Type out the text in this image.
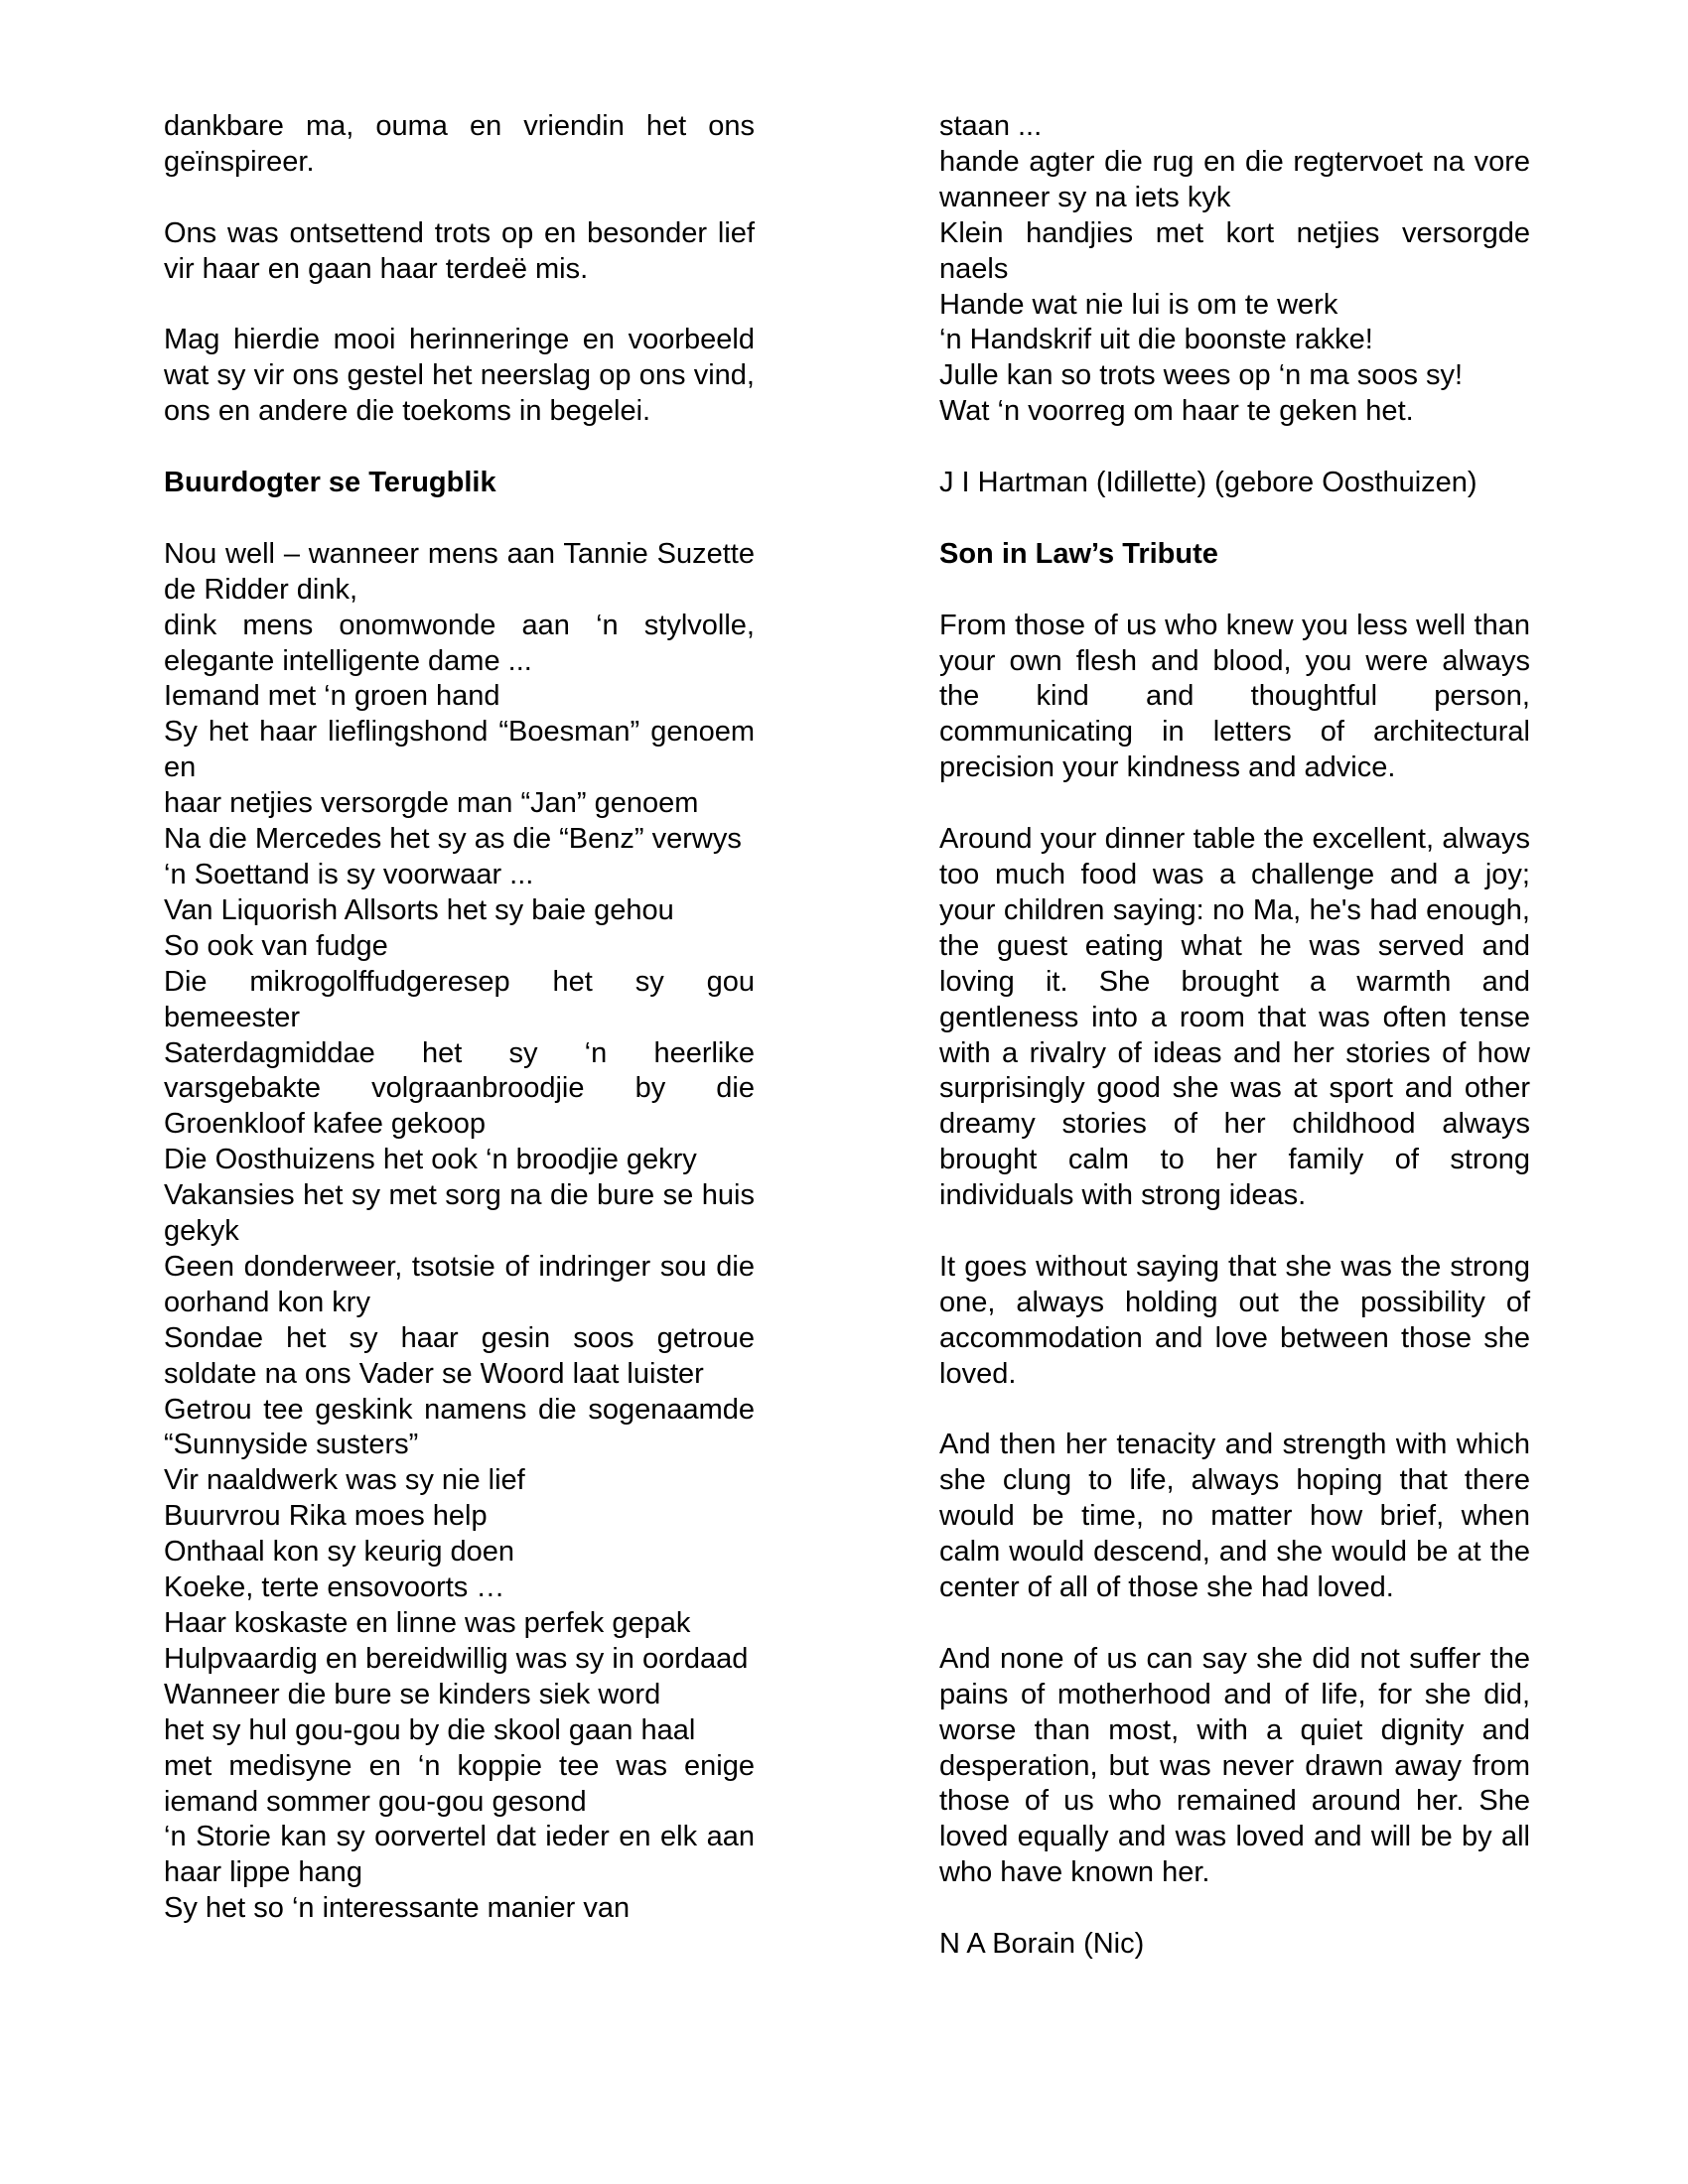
dankbare ma, ouma en vriendin het ons geïnspireer.
Ons was ontsettend trots op en besonder lief vir haar en gaan haar terdeë mis.
Mag hierdie mooi herinneringe en voorbeeld wat sy vir ons gestel het neerslag op ons vind, ons en andere die toekoms in begelei.
Buurdogter se Terugblik
Nou well – wanneer mens aan Tannie Suzette de Ridder dink,
dink mens onomwonde aan ‘n stylvolle, elegante intelligente dame ...
Iemand met ‘n groen hand
Sy het haar lieflingshond “Boesman” genoem en
haar netjies versorgde man “Jan” genoem
Na die Mercedes het sy as die “Benz” verwys
‘n Soettand is sy voorwaar ...
Van Liquorish Allsorts het sy baie gehou
So ook van fudge
Die mikrogolffudgeresep het sy gou bemeester
Saterdagmiddae het sy ‘n heerlike varsgebakte volgraanbroodjie by die Groenkloof kafee gekoop
Die Oosthuizens het ook ‘n broodjie gekry
Vakansies het sy met sorg na die bure se huis gekyk
Geen donderweer, tsotsie of indringer sou die oorhand kon kry
Sondae het sy haar gesin soos getroue soldate na ons Vader se Woord laat luister
Getrou tee geskink namens die sogenaamde “Sunnyside susters”
Vir naaldwerk was sy nie lief
Buurvrou Rika moes help
Onthaal kon sy keurig doen
Koeke, terte ensovoorts …
Haar koskaste en linne was perfek gepak
Hulpvaardig en bereidwillig was sy in oordaad
Wanneer die bure se kinders siek word
het sy hul gou-gou by die skool gaan haal
met medisyne en ‘n koppie tee was enige iemand sommer gou-gou gesond
‘n Storie kan sy oorvertel dat ieder en elk aan haar lippe hang
Sy het so ‘n interessante manier van
staan ...
hande agter die rug en die regtervoet na vore wanneer sy na iets kyk
Klein handjies met kort netjies versorgde naels
Hande wat nie lui is om te werk
‘n Handskrif uit die boonste rakke!
Julle kan so trots wees op ‘n ma soos sy!
Wat ‘n voorreg om haar te geken het.
J I Hartman (Idillette) (gebore Oosthuizen)
Son in Law’s Tribute
From those of us who knew you less well than your own flesh and blood, you were always the kind and thoughtful person, communicating in letters of architectural precision your kindness and advice.
Around your dinner table the excellent, always too much food was a challenge and a joy; your children saying: no Ma, he's had enough, the guest eating what he was served and loving it. She brought a warmth and gentleness into a room that was often tense with a rivalry of ideas and her stories of how surprisingly good she was at sport and other dreamy stories of her childhood always brought calm to her family of strong individuals with strong ideas.
It goes without saying that she was the strong one, always holding out the possibility of accommodation and love between those she loved.
And then her tenacity and strength with which she clung to life, always hoping that there would be time, no matter how brief, when calm would descend, and she would be at the center of all of those she had loved.
And none of us can say she did not suffer the pains of motherhood and of life, for she did, worse than most, with a quiet dignity and desperation, but was never drawn away from those of us who remained around her. She loved equally and was loved and will be by all who have known her.
N A Borain (Nic)
